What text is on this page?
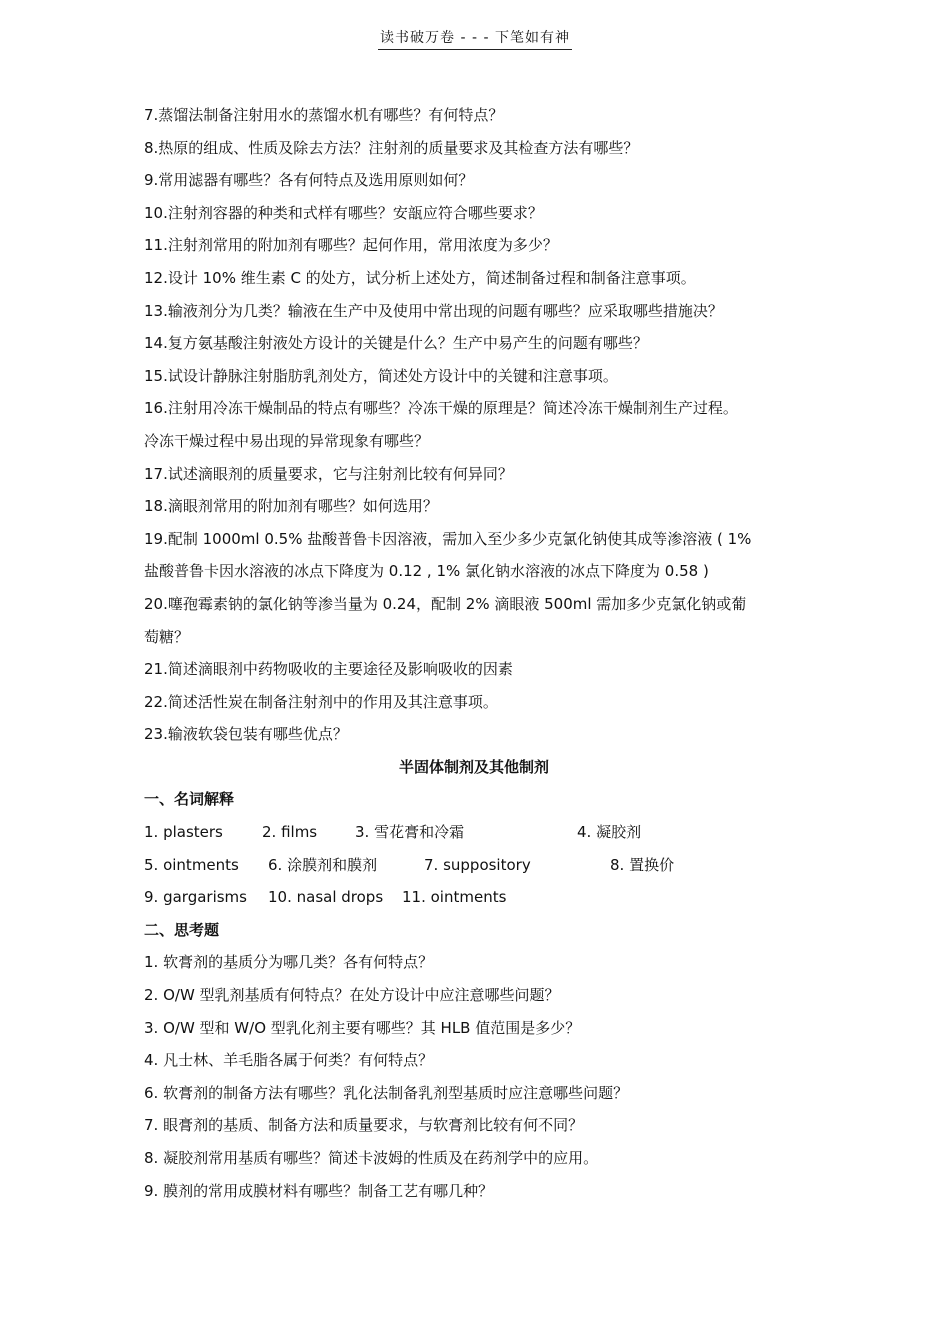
读书破万卷 - - - 下笔如有神
7.蒸馏法制备注射用水的蒸馏水机有哪些？有何特点？
8.热原的组成、性质及除去方法？注射剂的质量要求及其检查方法有哪些？
9.常用滤器有哪些？各有何特点及选用原则如何？
10.注射剂容器的种类和式样有哪些？安瓿应符合哪些要求？
11.注射剂常用的附加剂有哪些？起何作用，常用浓度为多少？
12.设计 10% 维生素 C 的处方，试分析上述处方，简述制备过程和制备注意事项。
13.输液剂分为几类？输液在生产中及使用中常出现的问题有哪些？应采取哪些措施决？
14.复方氨基酸注射液处方设计的关键是什么？生产中易产生的问题有哪些？
15.试设计静脉注射脂肪乳剂处方，简述处方设计中的关键和注意事项。
16.注射用冷冻干燥制品的特点有哪些？冷冻干燥的原理是？简述冷冻干燥制剂生产过程。
冷冻干燥过程中易出现的异常现象有哪些？
17.试述滴眼剂的质量要求，它与注射剂比较有何异同？
18.滴眼剂常用的附加剂有哪些？如何选用？
19.配制 1000ml 0.5% 盐酸普鲁卡因溶液，需加入至少多少克氯化钠使其成等渗溶液 ( 1%
盐酸普鲁卡因水溶液的冰点下降度为 0.12 , 1% 氯化钠水溶液的冰点下降度为 0.58 )
20.噻孢霉素钠的氯化钠等渗当量为 0.24，配制 2% 滴眼液 500ml 需加多少克氯化钠或葡
萄糖？
21.简述滴眼剂中药物吸收的主要途径及影响吸收的因素
22.简述活性炭在制备注射剂中的作用及其注意事项。
23.输液软袋包装有哪些优点？
半固体制剂及其他制剂
一、名词解释
1. plasters	2. films	3. 雪花膏和冷霜	4. 凝胶剂
5. ointments 6. 涂膜剂和膜剂	7. suppository	8. 置换价
9. gargarisms 10. nasal drops 11. ointments
二、思考题
1. 软膏剂的基质分为哪几类？各有何特点？
2. O/W 型乳剂基质有何特点？在处方设计中应注意哪些问题？
3. O/W 型和 W/O 型乳化剂主要有哪些？其 HLB 值范围是多少？
4. 凡士林、羊毛脂各属于何类？有何特点？
6. 软膏剂的制备方法有哪些？乳化法制备乳剂型基质时应注意哪些问题？
7. 眼膏剂的基质、制备方法和质量要求，与软膏剂比较有何不同？
8. 凝胶剂常用基质有哪些？简述卡波姆的性质及在药剂学中的应用。
9. 膜剂的常用成膜材料有哪些？制备工艺有哪几种？
